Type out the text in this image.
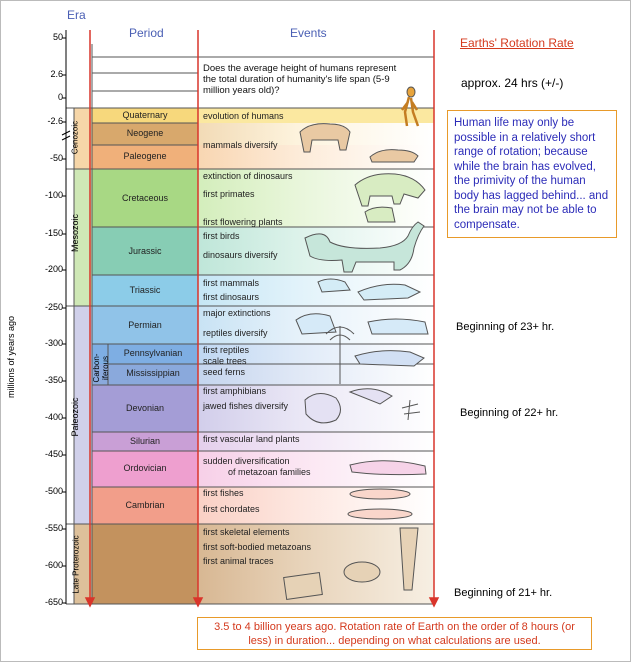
Era
Period	Events
Earths' Rotation Rate
millions of years ago
50
2.6
0
-2.6
-50
-100
-150
-200
-250
-300
-350
-400
-450
-500
-550
-600
-650
Cenozoic
Mesozoic
Paleozoic
Late Proterozoic
Carbon-iferous
Quaternary
Neogene
Paleogene
Cretaceous
Jurassic
Triassic
Permian
Pennsylvanian
Mississippian
Devonian
Silurian
Ordovician
Cambrian
Does the average height of humans represent the total duration of humanity's life span (5-9 million years old)?
evolution of humans
mammals diversify
extinction of dinosaurs
first primates
first flowering plants
first birds
dinosaurs diversify
first mammals
first dinosaurs
major extinctions
reptiles diversify
first reptiles
scale trees
seed ferns
first amphibians
jawed fishes diversify
first vascular land plants
sudden diversification
of metazoan families
first fishes
first chordates
first skeletal elements
first soft-bodied metazoans
first animal traces
approx. 24 hrs (+/-)
Beginning of 23+ hr.
Beginning of 22+ hr.
Beginning of 21+ hr.
Human life may only be possible in a relatively short range of rotation; because while the brain has evolved, the primivity of the human body has lagged behind... and the brain may not be able to compensate.
3.5 to 4 billion years ago. Rotation rate of Earth on the order of 8 hours (or less) in duration... depending on what calculations are used.
